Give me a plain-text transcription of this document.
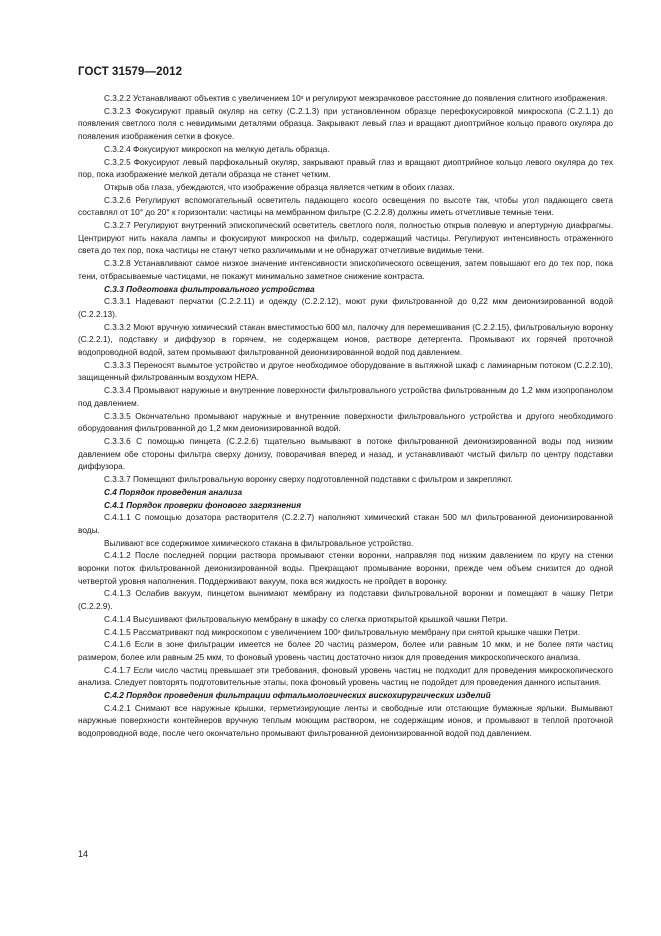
ГОСТ 31579—2012

С.3.2.2 Устанавливают объектив с увеличением 10ˣ и регулируют межзрачковое расстояние до появления слитного изображения.

С.3.2.3 Фокусируют правый окуляр на сетку (С.2.1.3) при установленном образце перефокусировкой микроскопа (С.2.1.1) до появления светлого поля с невидимыми деталями образца. Закрывают левый глаз и вращают диоптрийное кольцо правого окуляра до появления изображения сетки в фокусе.

С.3.2.4 Фокусируют микроскоп на мелкую деталь образца.

С.3.2.5 Фокусируют левый парфокальный окуляр, закрывают правый глаз и вращают диоптрийное кольцо левого окуляра до тех пор, пока изображение мелкой детали образца не станет четким.

Открыв оба глаза, убеждаются, что изображение образца является четким в обоих глазах.

С.3.2.6 Регулируют вспомогательный осветитель падающего косого освещения по высоте так, чтобы угол падающего света составлял от 10° до 20° к горизонтали: частицы на мембранном фильтре (С.2.2.8) должны иметь отчетливые темные тени.

С.3.2.7 Регулируют внутренний эпископический осветитель светлого поля, полностью открыв полевую и апертурную диафрагмы. Центрируют нить накала лампы и фокусируют микроскоп на фильтр, содержащий частицы. Регулируют интенсивность отраженного света до тех пор, пока частицы не станут четко различимыми и не обнаружат отчетливые видимые тени.

С.3.2.8 Устанавливают самое низкое значение интенсивности эпископического освещения, затем повышают его до тех пор, пока тени, отбрасываемые частицами, не покажут минимально заметное снижение контраста.

С.3.3 Подготовка фильтровального устройства

С.3.3.1 Надевают перчатки (С.2.2.11) и одежду (С.2.2.12), моют руки фильтрованной до 0,22 мкм деионизированной водой (С.2.2.13).

С.3.3.2 Моют вручную химический стакан вместимостью 600 мл, палочку для перемешивания (С.2.2.15), фильтровальную воронку (С.2.2.1), подставку и диффузор в горячем, не содержащем ионов, растворе детергента. Промывают их горячей проточной водопроводной водой, затем промывают фильтрованной деионизированной водой под давлением.

С.3.3.3 Переносят вымытое устройство и другое необходимое оборудование в вытяжной шкаф с ламинарным потоком (С.2.2.10), защищенный фильтрованным воздухом НЕРА.

С.3.3.4 Промывают наружные и внутренние поверхности фильтровального устройства фильтрованным до 1,2 мкм изопропанолом под давлением.

С.3.3.5 Окончательно промывают наружные и внутренние поверхности фильтровального устройства и другого необходимого оборудования фильтрованной до 1,2 мкм деионизированной водой.

С.3.3.6 С помощью пинцета (С.2.2.6) тщательно вымывают в потоке фильтрованной деионизированной воды под низким давлением обе стороны фильтра сверху донизу, поворачивая вперед и назад, и устанавливают чистый фильтр по центру подставки диффузора.

С.3.3.7 Помещают фильтровальную воронку сверху подготовленной подставки с фильтром и закрепляют.

С.4 Порядок проведения анализа

С.4.1 Порядок проверки фонового загрязнения

С.4.1.1 С помощью дозатора растворителя (С.2.2.7) наполняют химический стакан 500 мл фильтрованной деионизированной воды.

Выливают все содержимое химического стакана в фильтровальное устройство.

С.4.1.2 После последней порции раствора промывают стенки воронки, направляя под низким давлением по кругу на стенки воронки поток фильтрованной деионизированной воды. Прекращают промывание воронки, прежде чем объем снизится до одной четвертой уровня наполнения. Поддерживают вакуум, пока вся жидкость не пройдет в воронку.

С.4.1.3 Ослабив вакуум, пинцетом вынимают мембрану из подставки фильтровальной воронки и помещают в чашку Петри (С.2.2.9).

С.4.1.4 Высушивают фильтровальную мембрану в шкафу со слегка приоткрытой крышкой чашки Петри.

С.4.1.5 Рассматривают под микроскопом с увеличением 100ˣ фильтровальную мембрану при снятой крышке чашки Петри.

С.4.1.6 Если в зоне фильтрации имеется не более 20 частиц размером, более или равным 10 мкм, и не более пяти частиц размером, более или равным 25 мкм, то фоновый уровень частиц достаточно низок для проведения микроскопического анализа.

С.4.1.7 Если число частиц превышает эти требования, фоновый уровень частиц не подходит для проведения микроскопического анализа. Следует повторять подготовительные этапы, пока фоновый уровень частиц не подойдет для проведения данного испытания.

С.4.2 Порядок проведения фильтрации офтальмологических вискохирургических изделий

С.4.2.1 Снимают все наружные крышки, герметизирующие ленты и свободные или отстающие бумажные ярлыки. Вымывают наружные поверхности контейнеров вручную теплым моющим раствором, не содержащим ионов, и промывают в теплой проточной водопроводной воде, после чего окончательно промывают фильтрованной деионизированной водой под давлением.

14
